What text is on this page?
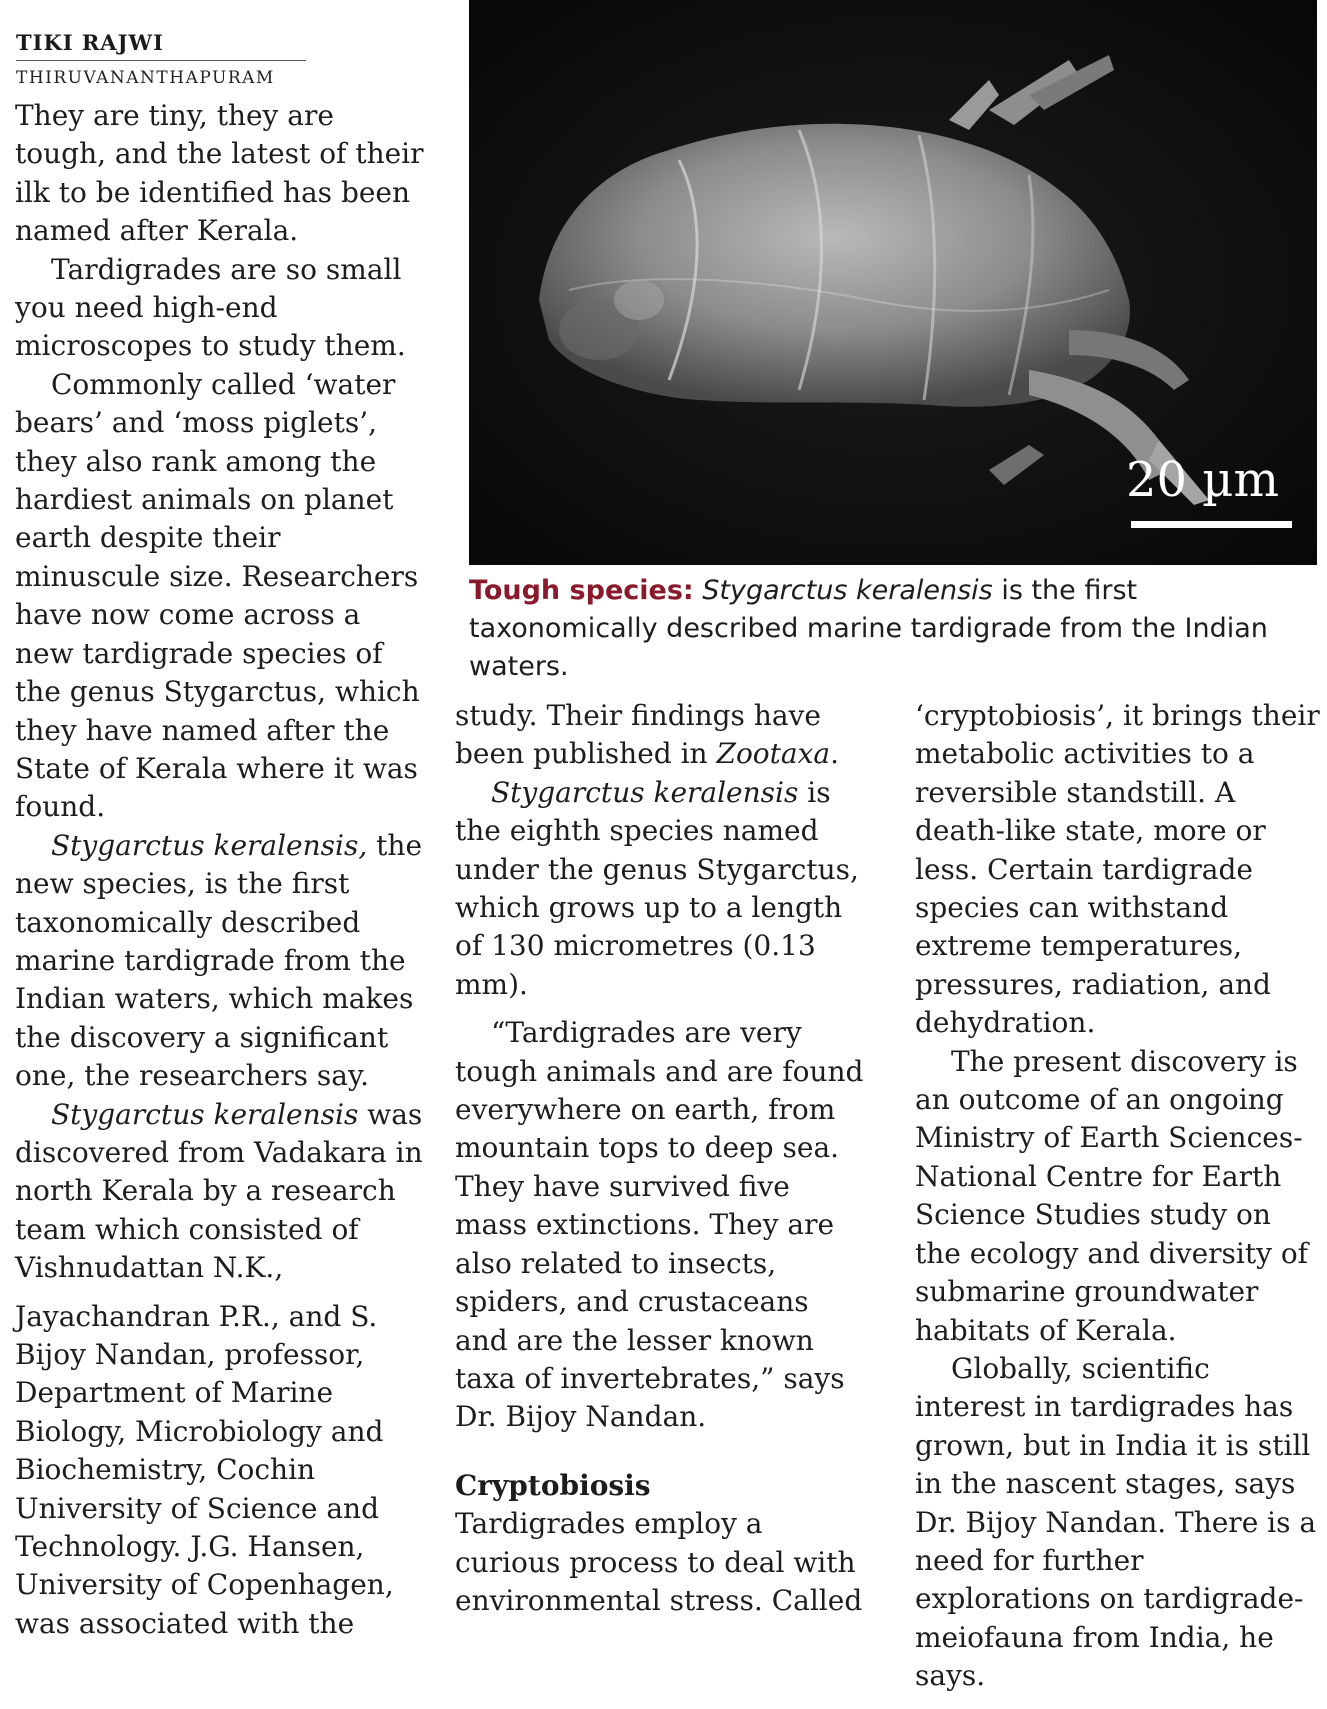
TIKI RAJWI
THIRUVANANTHAPURAM

They are tiny, they are tough, and the latest of their ilk to be identified has been named after Kerala.

Tardigrades are so small you need high-end microscopes to study them.

Commonly called ‘water bears’ and ‘moss piglets’, they also rank among the hardiest animals on planet earth despite their minuscule size. Researchers have now come across a new tardigrade species of the genus Stygarctus, which they have named after the State of Kerala where it was found.

Stygarctus keralensis, the new species, is the first taxonomically described marine tardigrade from the Indian waters, which makes the discovery a significant one, the researchers say.

Stygarctus keralensis was discovered from Vadakara in north Kerala by a research team which consisted of Vishnudattan N.K.,

Jayachandran P.R., and S. Bijoy Nandan, professor, Department of Marine Biology, Microbiology and Biochemistry, Cochin University of Science and Technology. J.G. Hansen, University of Copenhagen, was associated with the

20 µm
Tough species: Stygarctus keralensis is the first taxonomically described marine tardigrade from the Indian waters.

study. Their findings have been published in Zootaxa.

Stygarctus keralensis is the eighth species named under the genus Stygarctus, which grows up to a length of 130 micrometres (0.13 mm).

“Tardigrades are very tough animals and are found everywhere on earth, from mountain tops to deep sea. They have survived five mass extinctions. They are also related to insects, spiders, and crustaceans and are the lesser known taxa of invertebrates,” says Dr. Bijoy Nandan.

Cryptobiosis

Tardigrades employ a curious process to deal with environmental stress. Called

‘cryptobiosis’, it brings their metabolic activities to a reversible standstill. A death-like state, more or less. Certain tardigrade species can withstand extreme temperatures, pressures, radiation, and dehydration.

The present discovery is an outcome of an ongoing Ministry of Earth Sciences-National Centre for Earth Science Studies study on the ecology and diversity of submarine groundwater habitats of Kerala.

Globally, scientific interest in tardigrades has grown, but in India it is still in the nascent stages, says Dr. Bijoy Nandan. There is a need for further explorations on tardigrade-meiofauna from India, he says.
